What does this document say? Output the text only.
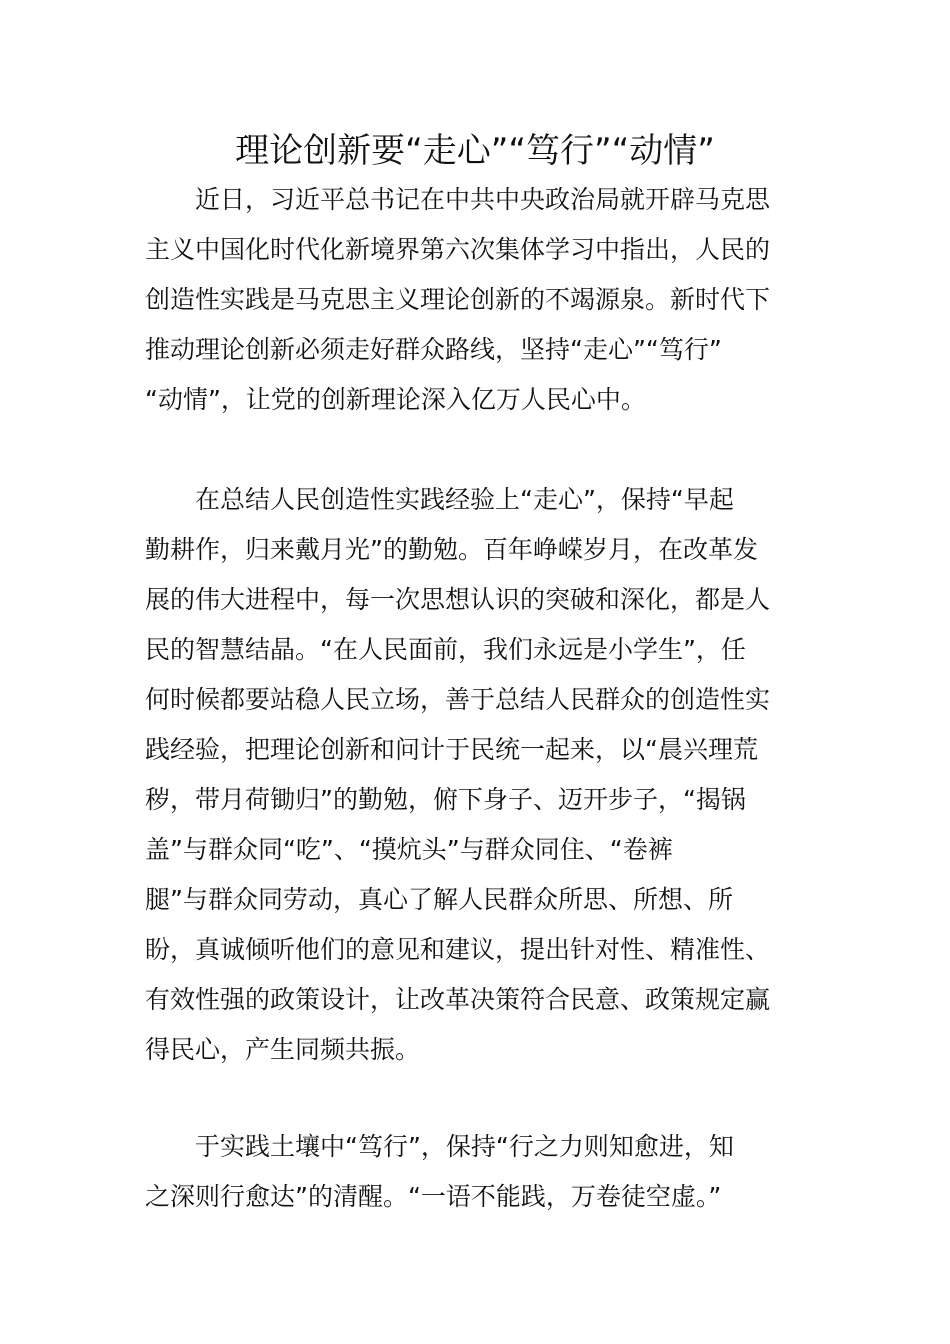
理论创新要“走心”“笃行”“动情”

　　近日，习近平总书记在中共中央政治局就开辟马克思
主义中国化时代化新境界第六次集体学习中指出，人民的
创造性实践是马克思主义理论创新的不竭源泉。新时代下
推动理论创新必须走好群众路线，坚持“走心”“笃行”
“动情”，让党的创新理论深入亿万人民心中。

　　在总结人民创造性实践经验上“走心”，保持“早起
勤耕作，归来戴月光”的勤勉。百年峥嵘岁月，在改革发
展的伟大进程中，每一次思想认识的突破和深化，都是人
民的智慧结晶。“在人民面前，我们永远是小学生”，任
何时候都要站稳人民立场，善于总结人民群众的创造性实
践经验，把理论创新和问计于民统一起来，以“晨兴理荒
秽，带月荷锄归”的勤勉，俯下身子、迈开步子，“揭锅
盖”与群众同“吃”、“摸炕头”与群众同住、“卷裤
腿”与群众同劳动，真心了解人民群众所思、所想、所
盼，真诚倾听他们的意见和建议，提出针对性、精准性、
有效性强的政策设计，让改革决策符合民意、政策规定赢
得民心，产生同频共振。

　　于实践土壤中“笃行”，保持“行之力则知愈进，知
之深则行愈达”的清醒。“一语不能践，万卷徒空虚。”
